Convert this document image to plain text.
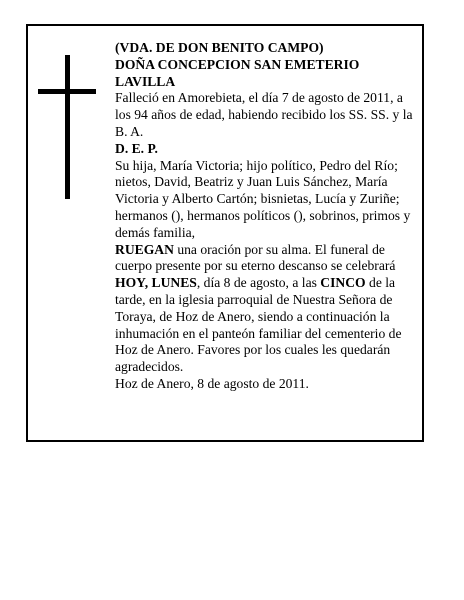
(VDA. DE DON BENITO CAMPO)

DOÑA CONCEPCION SAN EMETERIO LAVILLA

Falleció en Amorebieta, el día 7 de agosto de 2011, a los 94 años de edad, habiendo recibido los SS. SS. y la B. A.

D. E. P.

Su hija, María Victoria; hijo político, Pedro del Río; nietos, David, Beatriz y Juan Luis Sánchez, María Victoria y Alberto Cartón; bisnietas, Lucía y Zuriñe; hermanos (), hermanos políticos (), sobrinos, primos y demás familia,

RUEGAN una oración por su alma. El funeral de cuerpo presente por su eterno descanso se celebrará HOY, LUNES, día 8 de agosto, a las CINCO de la tarde, en la iglesia parroquial de Nuestra Señora de Toraya, de Hoz de Anero, siendo a continuación la inhumación en el panteón familiar del cementerio de Hoz de Anero. Favores por los cuales les quedarán agradecidos.

Hoz de Anero, 8 de agosto de 2011.
